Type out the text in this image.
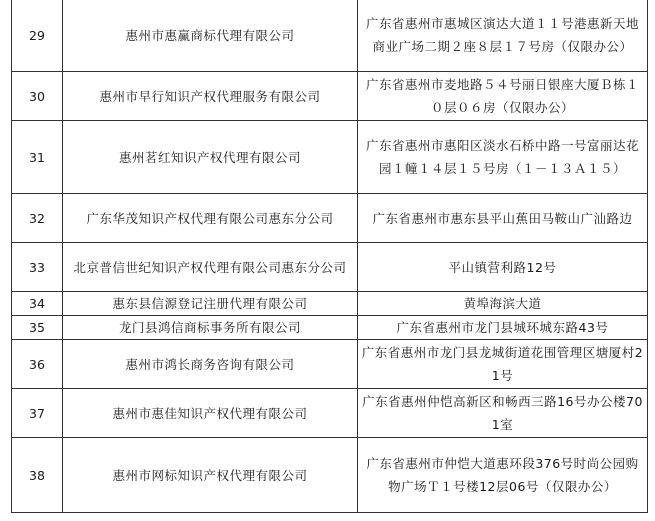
29	惠州市惠赢商标代理有限公司	广东省惠州市惠城区演达大道１１号港惠新天地商业广场二期２座８层１７号房（仅限办公）
30	惠州市早行知识产权代理服务有限公司	广东省惠州市麦地路５４号丽日银座大厦Ｂ栋１０层０６房（仅限办公）
31	惠州茗红知识产权代理有限公司	广东省惠州市惠阳区淡水石桥中路一号富丽达花园１幢１４层１５号房（１－１３Ａ１５）
32	广东华茂知识产权代理有限公司惠东分公司	广东省惠州市惠东县平山蕉田马鞍山广汕路边
33	北京普信世纪知识产权代理有限公司惠东分公司	平山镇营利路12号
34	惠东县信源登记注册代理有限公司	黄埠海滨大道
35	龙门县鸿信商标事务所有限公司	广东省惠州市龙门县城环城东路43号
36	惠州市鸿长商务咨询有限公司	广东省惠州市龙门县龙城街道花围管理区塘厦村21号
37	惠州市惠佳知识产权代理有限公司	广东省惠州仲恺高新区和畅西三路16号办公楼701室
38	惠州市网标知识产权代理有限公司	广东省惠州市仲恺大道惠环段376号时尚公园购物广场Ｔ１号楼12层06号（仅限办公）
